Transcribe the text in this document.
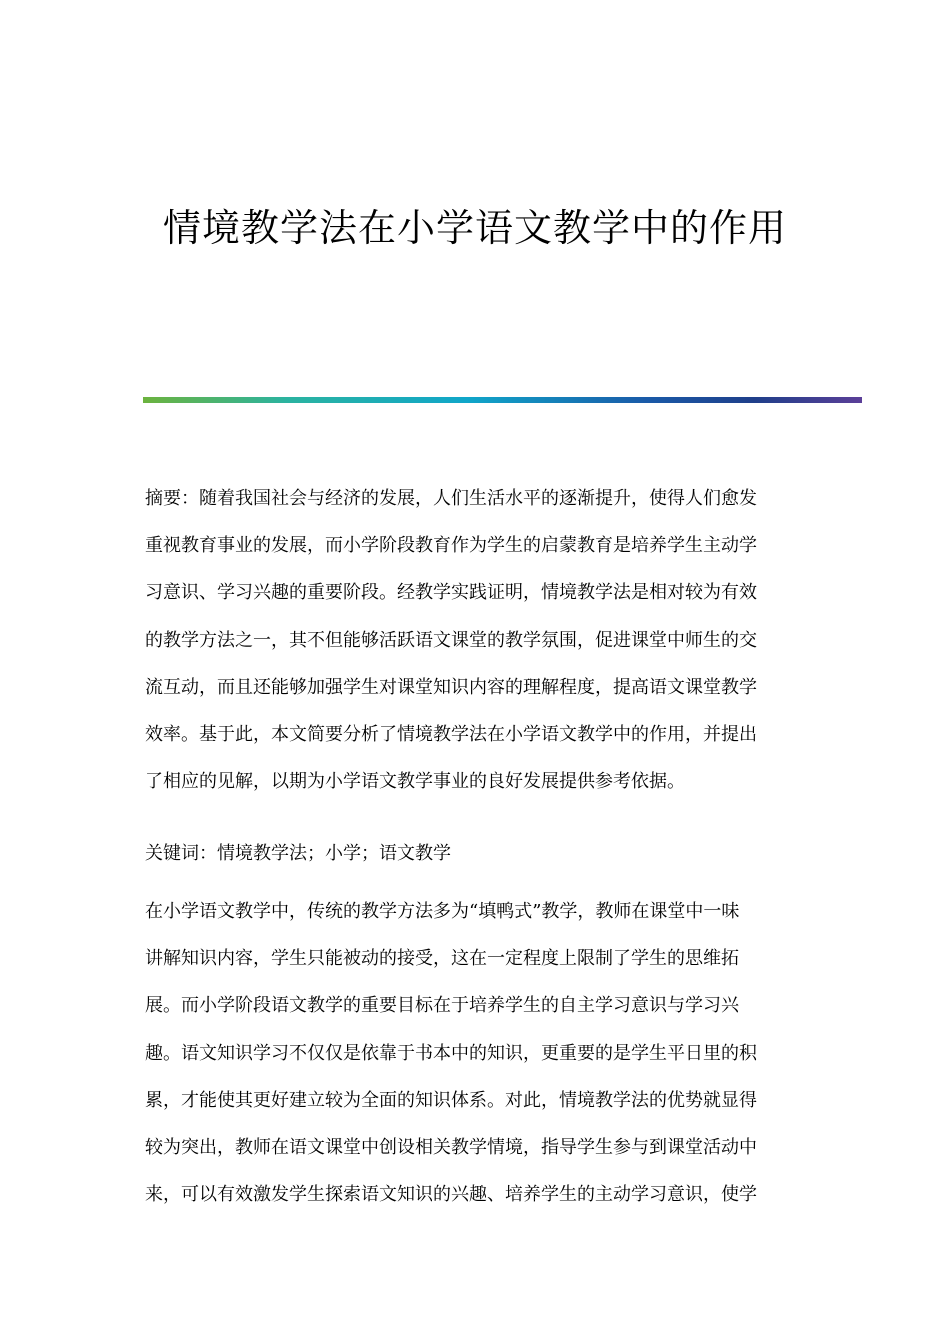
情境教学法在小学语文教学中的作用
摘要：随着我国社会与经济的发展，人们生活水平的逐渐提升，使得人们愈发
重视教育事业的发展，而小学阶段教育作为学生的启蒙教育是培养学生主动学
习意识、学习兴趣的重要阶段。经教学实践证明，情境教学法是相对较为有效
的教学方法之一，其不但能够活跃语文课堂的教学氛围，促进课堂中师生的交
流互动，而且还能够加强学生对课堂知识内容的理解程度，提高语文课堂教学
效率。基于此，本文简要分析了情境教学法在小学语文教学中的作用，并提出
了相应的见解，以期为小学语文教学事业的良好发展提供参考依据。
关键词：情境教学法；小学；语文教学
在小学语文教学中，传统的教学方法多为“填鸭式”教学，教师在课堂中一味
讲解知识内容，学生只能被动的接受，这在一定程度上限制了学生的思维拓
展。而小学阶段语文教学的重要目标在于培养学生的自主学习意识与学习兴
趣。语文知识学习不仅仅是依靠于书本中的知识，更重要的是学生平日里的积
累，才能使其更好建立较为全面的知识体系。对此，情境教学法的优势就显得
较为突出，教师在语文课堂中创设相关教学情境，指导学生参与到课堂活动中
来，可以有效激发学生探索语文知识的兴趣、培养学生的主动学习意识，使学
